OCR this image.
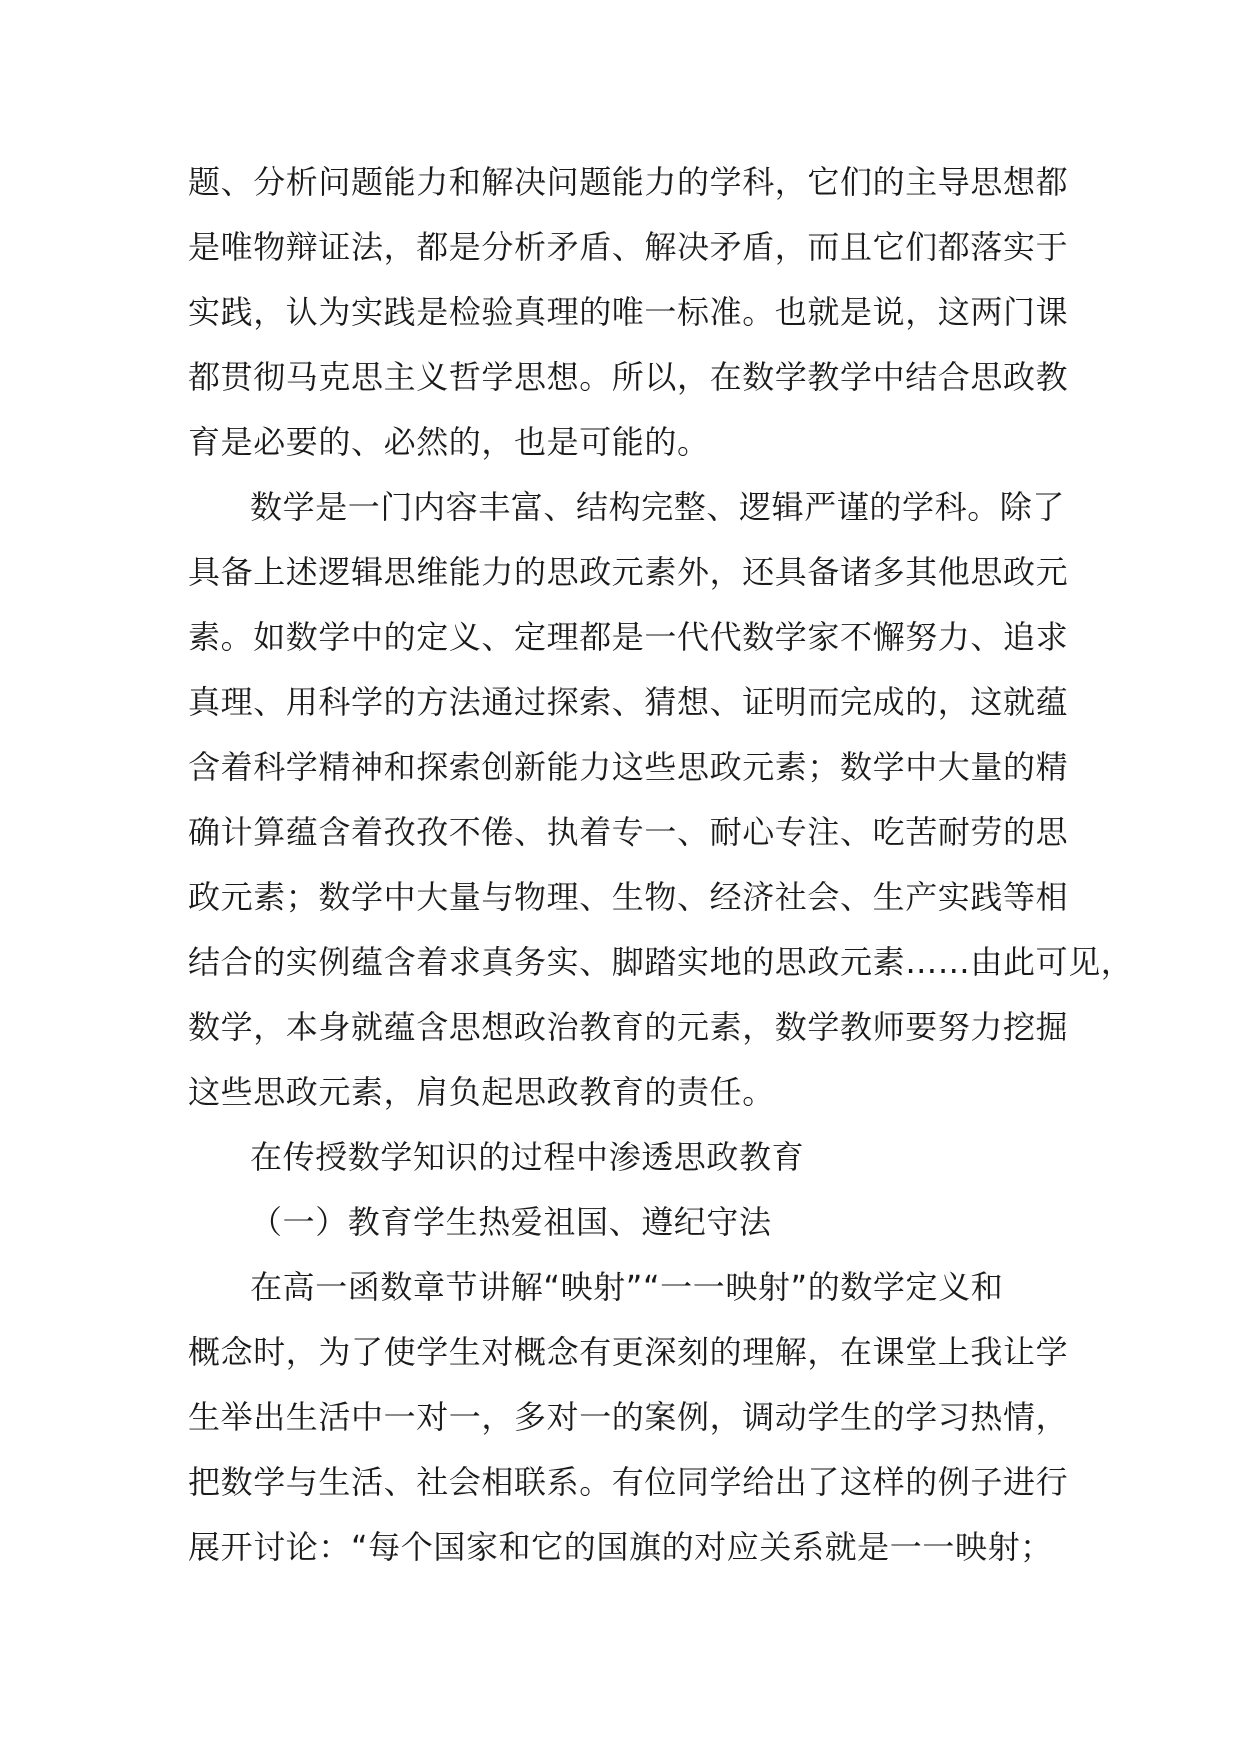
题、分析问题能力和解决问题能力的学科，它们的主导思想都
是唯物辩证法，都是分析矛盾、解决矛盾，而且它们都落实于
实践，认为实践是检验真理的唯一标准。也就是说，这两门课
都贯彻马克思主义哲学思想。所以，在数学教学中结合思政教
育是必要的、必然的，也是可能的。
数学是一门内容丰富、结构完整、逻辑严谨的学科。除了
具备上述逻辑思维能力的思政元素外，还具备诸多其他思政元
素。如数学中的定义、定理都是一代代数学家不懈努力、追求
真理、用科学的方法通过探索、猜想、证明而完成的，这就蕴
含着科学精神和探索创新能力这些思政元素；数学中大量的精
确计算蕴含着孜孜不倦、执着专一、耐心专注、吃苦耐劳的思
政元素；数学中大量与物理、生物、经济社会、生产实践等相
结合的实例蕴含着求真务实、脚踏实地的思政元素……由此可见，
数学，本身就蕴含思想政治教育的元素，数学教师要努力挖掘
这些思政元素，肩负起思政教育的责任。
在传授数学知识的过程中渗透思政教育
（一）教育学生热爱祖国、遵纪守法
在高一函数章节讲解“映射”“一一映射”的数学定义和
概念时，为了使学生对概念有更深刻的理解，在课堂上我让学
生举出生活中一对一，多对一的案例，调动学生的学习热情，
把数学与生活、社会相联系。有位同学给出了这样的例子进行
展开讨论：“每个国家和它的国旗的对应关系就是一一映射；
